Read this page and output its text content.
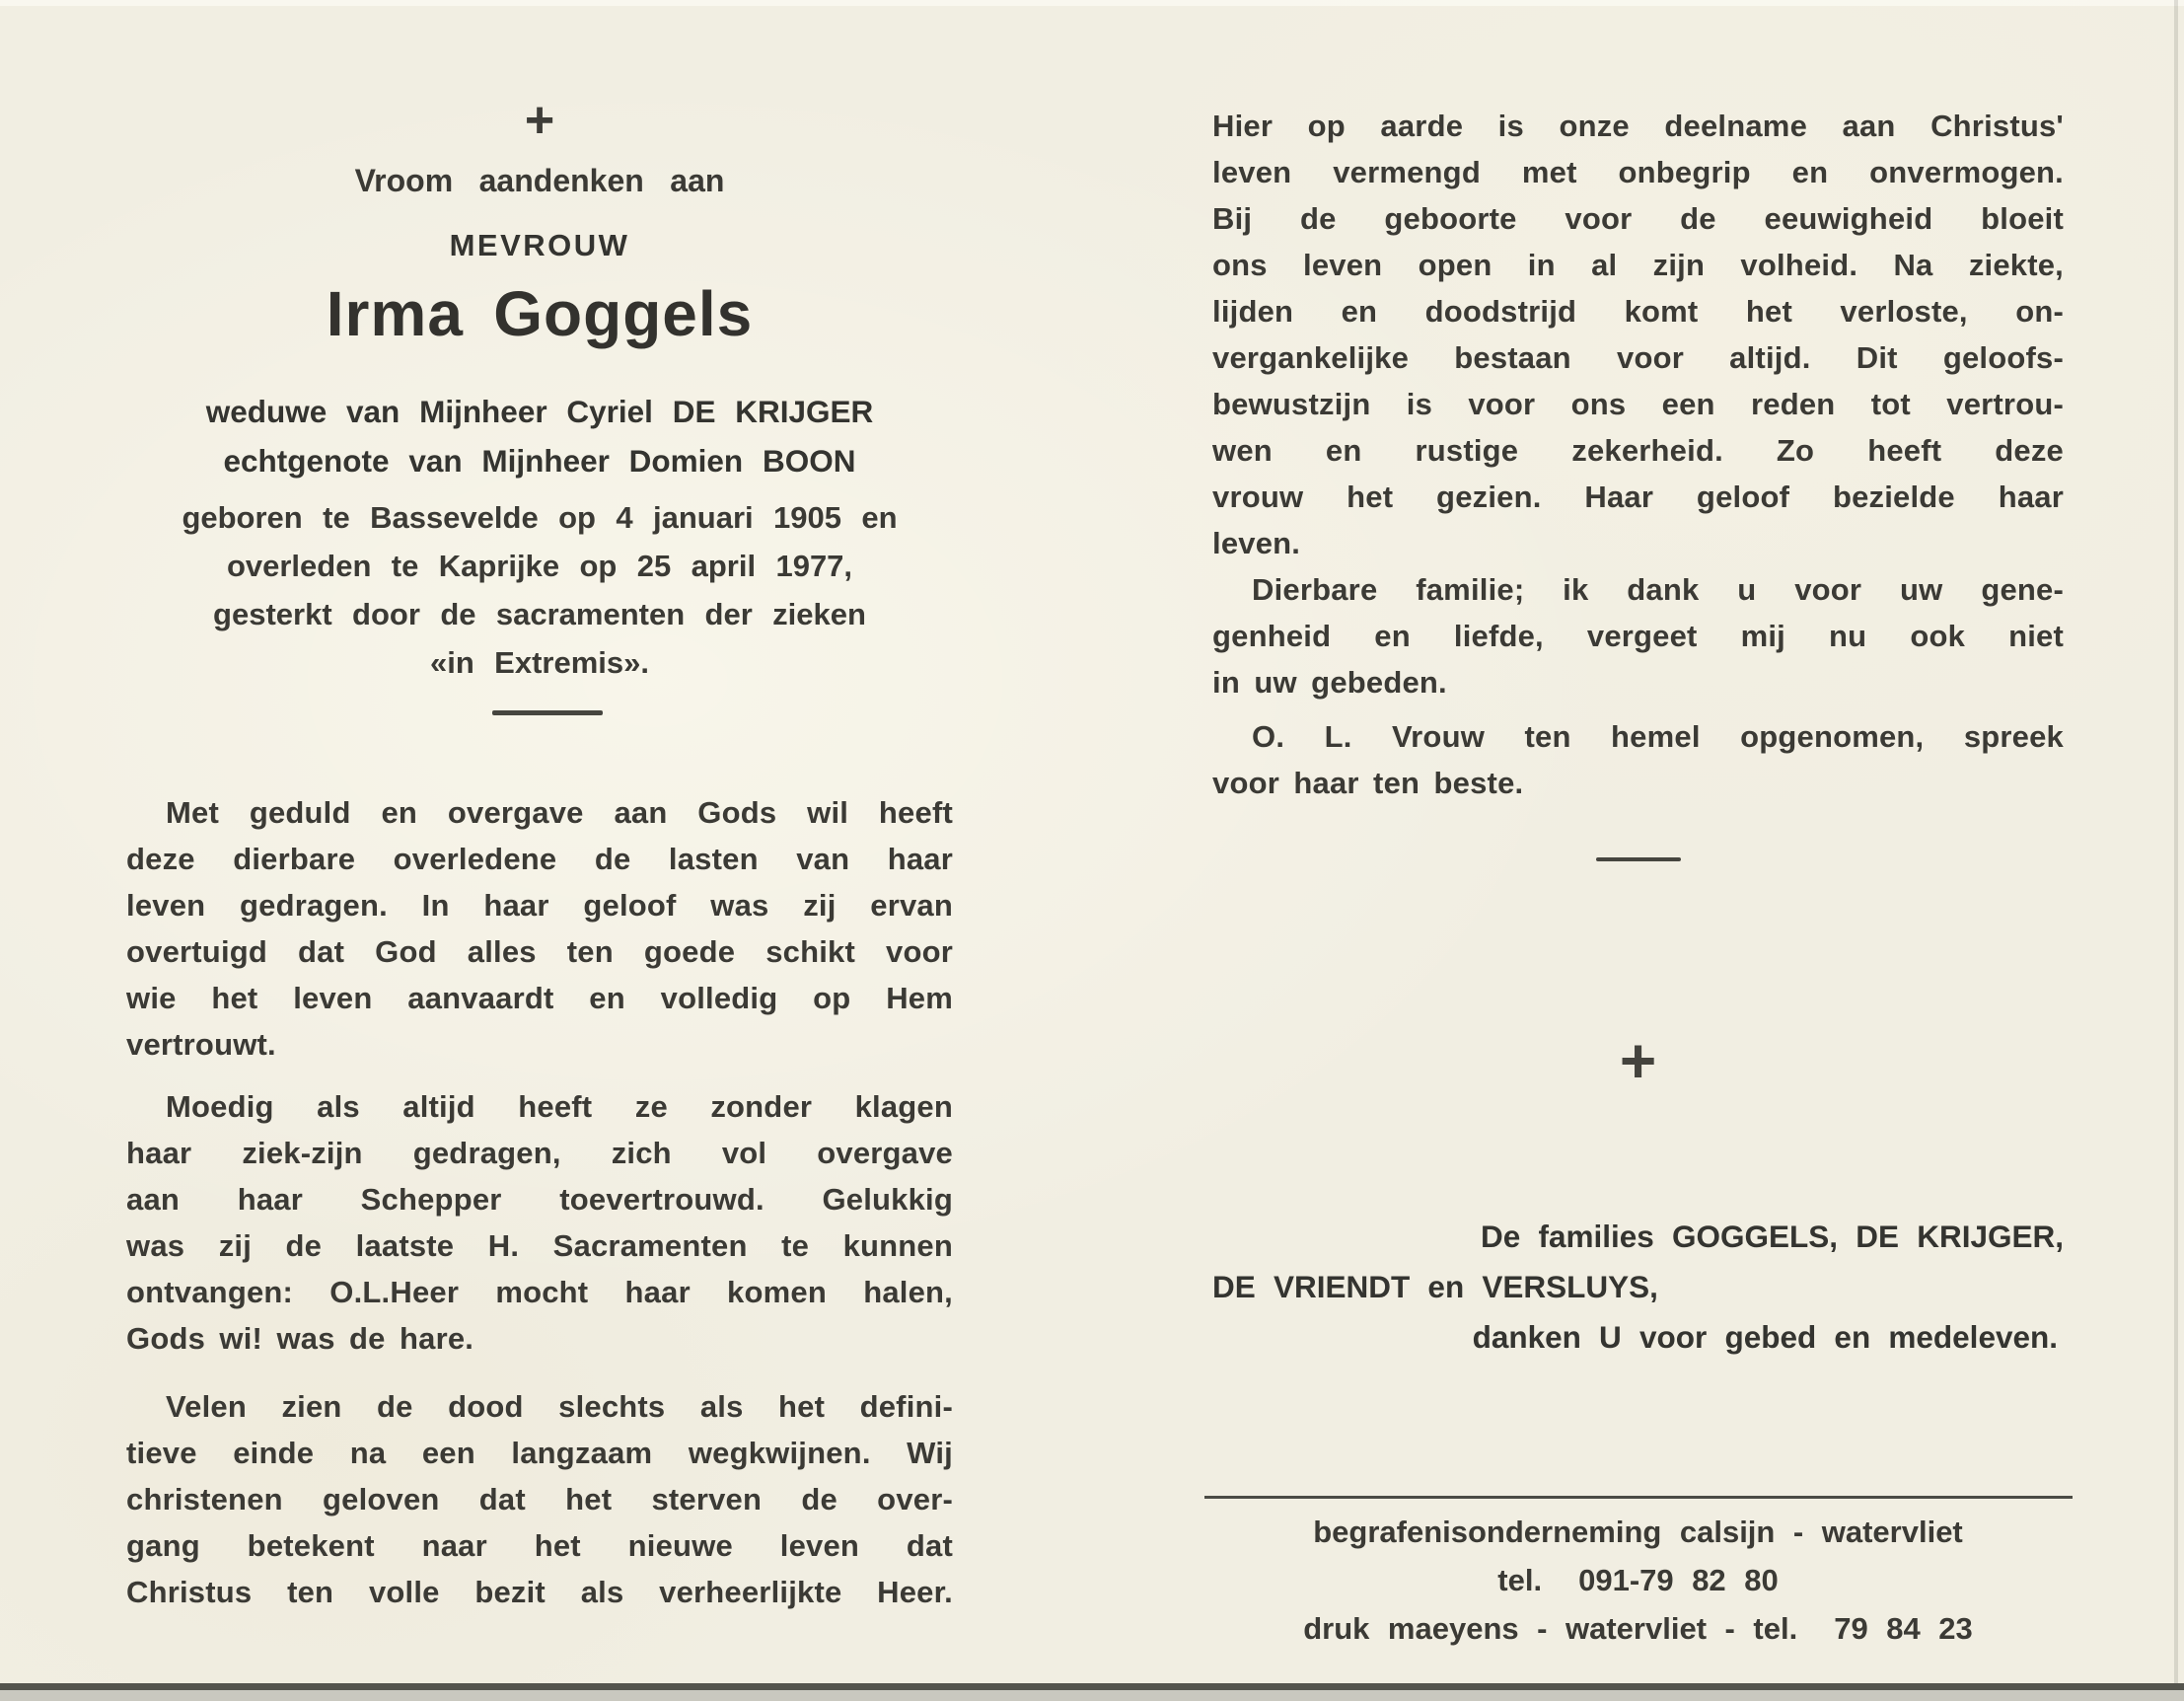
+
Vroom aandenken aan
MEVROUW
Irma Goggels
weduwe van Mijnheer Cyriel DE KRIJGER
echtgenote van Mijnheer Domien BOON
geboren te Bassevelde op 4 januari 1905 en
overleden te Kaprijke op 25 april 1977,
gesterkt door de sacramenten der zieken
«in Extremis».
Met geduld en overgave aan Gods wil heeft
deze dierbare overledene de lasten van haar
leven gedragen. In haar geloof was zij ervan
overtuigd dat God alles ten goede schikt voor
wie het leven aanvaardt en volledig op Hem
vertrouwt.
Moedig als altijd heeft ze zonder klagen
haar ziek-zijn gedragen, zich vol overgave
aan haar Schepper toevertrouwd. Gelukkig
was zij de laatste H. Sacramenten te kunnen
ontvangen: O.L.Heer mocht haar komen halen,
Gods wi! was de hare.
Velen zien de dood slechts als het defini-
tieve einde na een langzaam wegkwijnen. Wij
christenen geloven dat het sterven de over-
gang betekent naar het nieuwe leven dat
Christus ten volle bezit als verheerlijkte Heer.
Hier op aarde is onze deelname aan Christus'
leven vermengd met onbegrip en onvermogen.
Bij de geboorte voor de eeuwigheid bloeit
ons leven open in al zijn volheid. Na ziekte,
lijden en doodstrijd komt het verloste, on-
vergankelijke bestaan voor altijd. Dit geloofs-
bewustzijn is voor ons een reden tot vertrou-
wen en rustige zekerheid. Zo heeft deze
vrouw het gezien. Haar geloof bezielde haar
leven.
Dierbare familie; ik dank u voor uw gene-
genheid en liefde, vergeet mij nu ook niet
in uw gebeden.
O. L. Vrouw ten hemel opgenomen, spreek
voor haar ten beste.
+
De families GOGGELS, DE KRIJGER,
DE VRIENDT en VERSLUYS,
danken U voor gebed en medeleven.
begrafenisonderneming calsijn - watervliet
tel.  091-79 82 80
druk maeyens - watervliet - tel.  79 84 23
